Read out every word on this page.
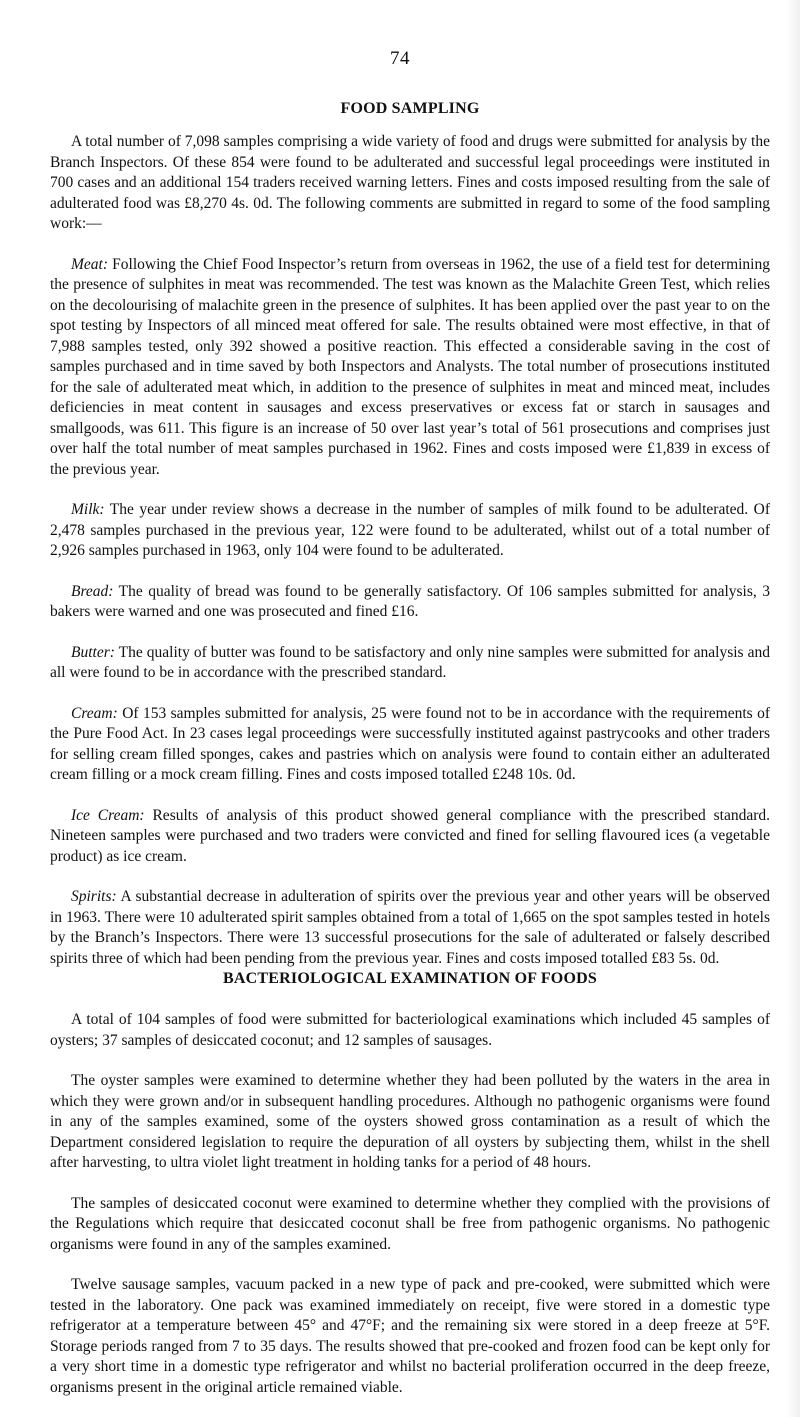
74
FOOD SAMPLING

A total number of 7,098 samples comprising a wide variety of food and drugs were submitted for analysis by the Branch Inspectors. Of these 854 were found to be adulterated and successful legal proceedings were instituted in 700 cases and an additional 154 traders received warning letters. Fines and costs imposed resulting from the sale of adulterated food was £8,270 4s. 0d. The following comments are submitted in regard to some of the food sampling work:—

Meat: Following the Chief Food Inspector’s return from overseas in 1962, the use of a field test for determining the presence of sulphites in meat was recommended. The test was known as the Malachite Green Test, which relies on the decolourising of malachite green in the presence of sulphites. It has been applied over the past year to on the spot testing by Inspectors of all minced meat offered for sale. The results obtained were most effective, in that of 7,988 samples tested, only 392 showed a positive reaction. This effected a considerable saving in the cost of samples purchased and in time saved by both Inspectors and Analysts. The total number of prosecutions instituted for the sale of adulterated meat which, in addition to the presence of sulphites in meat and minced meat, includes deficiencies in meat content in sausages and excess preservatives or excess fat or starch in sausages and smallgoods, was 611. This figure is an increase of 50 over last year’s total of 561 prosecutions and comprises just over half the total number of meat samples purchased in 1962. Fines and costs imposed were £1,839 in excess of the previous year.

Milk: The year under review shows a decrease in the number of samples of milk found to be adulterated. Of 2,478 samples purchased in the previous year, 122 were found to be adulterated, whilst out of a total number of 2,926 samples purchased in 1963, only 104 were found to be adulterated.

Bread: The quality of bread was found to be generally satisfactory. Of 106 samples submitted for analysis, 3 bakers were warned and one was prosecuted and fined £16.

Butter: The quality of butter was found to be satisfactory and only nine samples were submitted for analysis and all were found to be in accordance with the prescribed standard.

Cream: Of 153 samples submitted for analysis, 25 were found not to be in accordance with the requirements of the Pure Food Act. In 23 cases legal proceedings were successfully instituted against pastrycooks and other traders for selling cream filled sponges, cakes and pastries which on analysis were found to contain either an adulterated cream filling or a mock cream filling. Fines and costs imposed totalled £248 10s. 0d.

Ice Cream: Results of analysis of this product showed general compliance with the prescribed standard. Nineteen samples were purchased and two traders were convicted and fined for selling flavoured ices (a vegetable product) as ice cream.

Spirits: A substantial decrease in adulteration of spirits over the previous year and other years will be observed in 1963. There were 10 adulterated spirit samples obtained from a total of 1,665 on the spot samples tested in hotels by the Branch’s Inspectors. There were 13 successful prosecutions for the sale of adulterated or falsely described spirits three of which had been pending from the previous year. Fines and costs imposed totalled £83 5s. 0d.

BACTERIOLOGICAL EXAMINATION OF FOODS

A total of 104 samples of food were submitted for bacteriological examinations which included 45 samples of oysters; 37 samples of desiccated coconut; and 12 samples of sausages.

The oyster samples were examined to determine whether they had been polluted by the waters in the area in which they were grown and/or in subsequent handling procedures. Although no pathogenic organisms were found in any of the samples examined, some of the oysters showed gross contamination as a result of which the Department considered legislation to require the depuration of all oysters by subjecting them, whilst in the shell after harvesting, to ultra violet light treatment in holding tanks for a period of 48 hours.

The samples of desiccated coconut were examined to determine whether they complied with the provisions of the Regulations which require that desiccated coconut shall be free from pathogenic organisms. No pathogenic organisms were found in any of the samples examined.

Twelve sausage samples, vacuum packed in a new type of pack and pre-cooked, were submitted which were tested in the laboratory. One pack was examined immediately on receipt, five were stored in a domestic type refrigerator at a temperature between 45° and 47°F; and the remaining six were stored in a deep freeze at 5°F. Storage periods ranged from 7 to 35 days. The results showed that pre-cooked and frozen food can be kept only for a very short time in a domestic type refrigerator and whilst no bacterial proliferation occurred in the deep freeze, organisms present in the original article remained viable.
